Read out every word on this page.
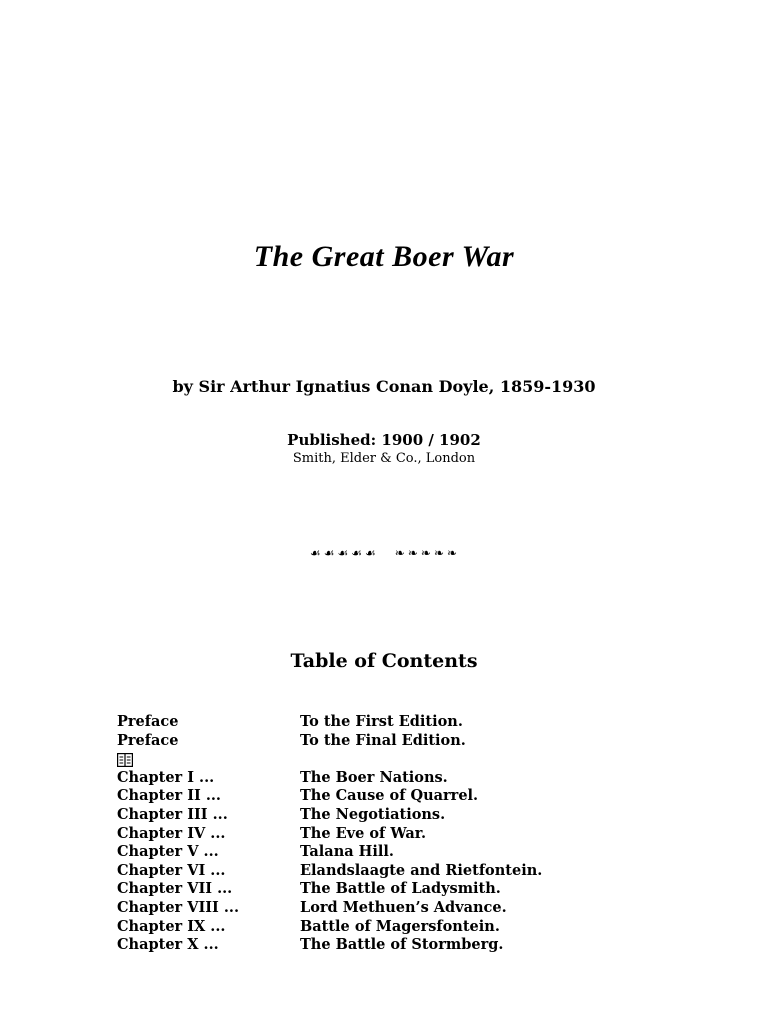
The Great Boer War
by Sir Arthur Ignatius Conan Doyle, 1859-1930
Published: 1900 / 1902
Smith, Elder & Co., London
☙ ☙ ☙ ☙ ☙ ❧ ❧ ❧ ❧ ❧
Table of Contents
Preface	To the First Edition.
Preface	To the Final Edition.
Chapter I ...	The Boer Nations.
Chapter II ...	The Cause of Quarrel.
Chapter III ...	The Negotiations.
Chapter IV ...	The Eve of War.
Chapter V ...	Talana Hill.
Chapter VI ...	Elandslaagte and Rietfontein.
Chapter VII ...	The Battle of Ladysmith.
Chapter VIII ...	Lord Methuen’s Advance.
Chapter IX ...	Battle of Magersfontein.
Chapter X ...	The Battle of Stormberg.
